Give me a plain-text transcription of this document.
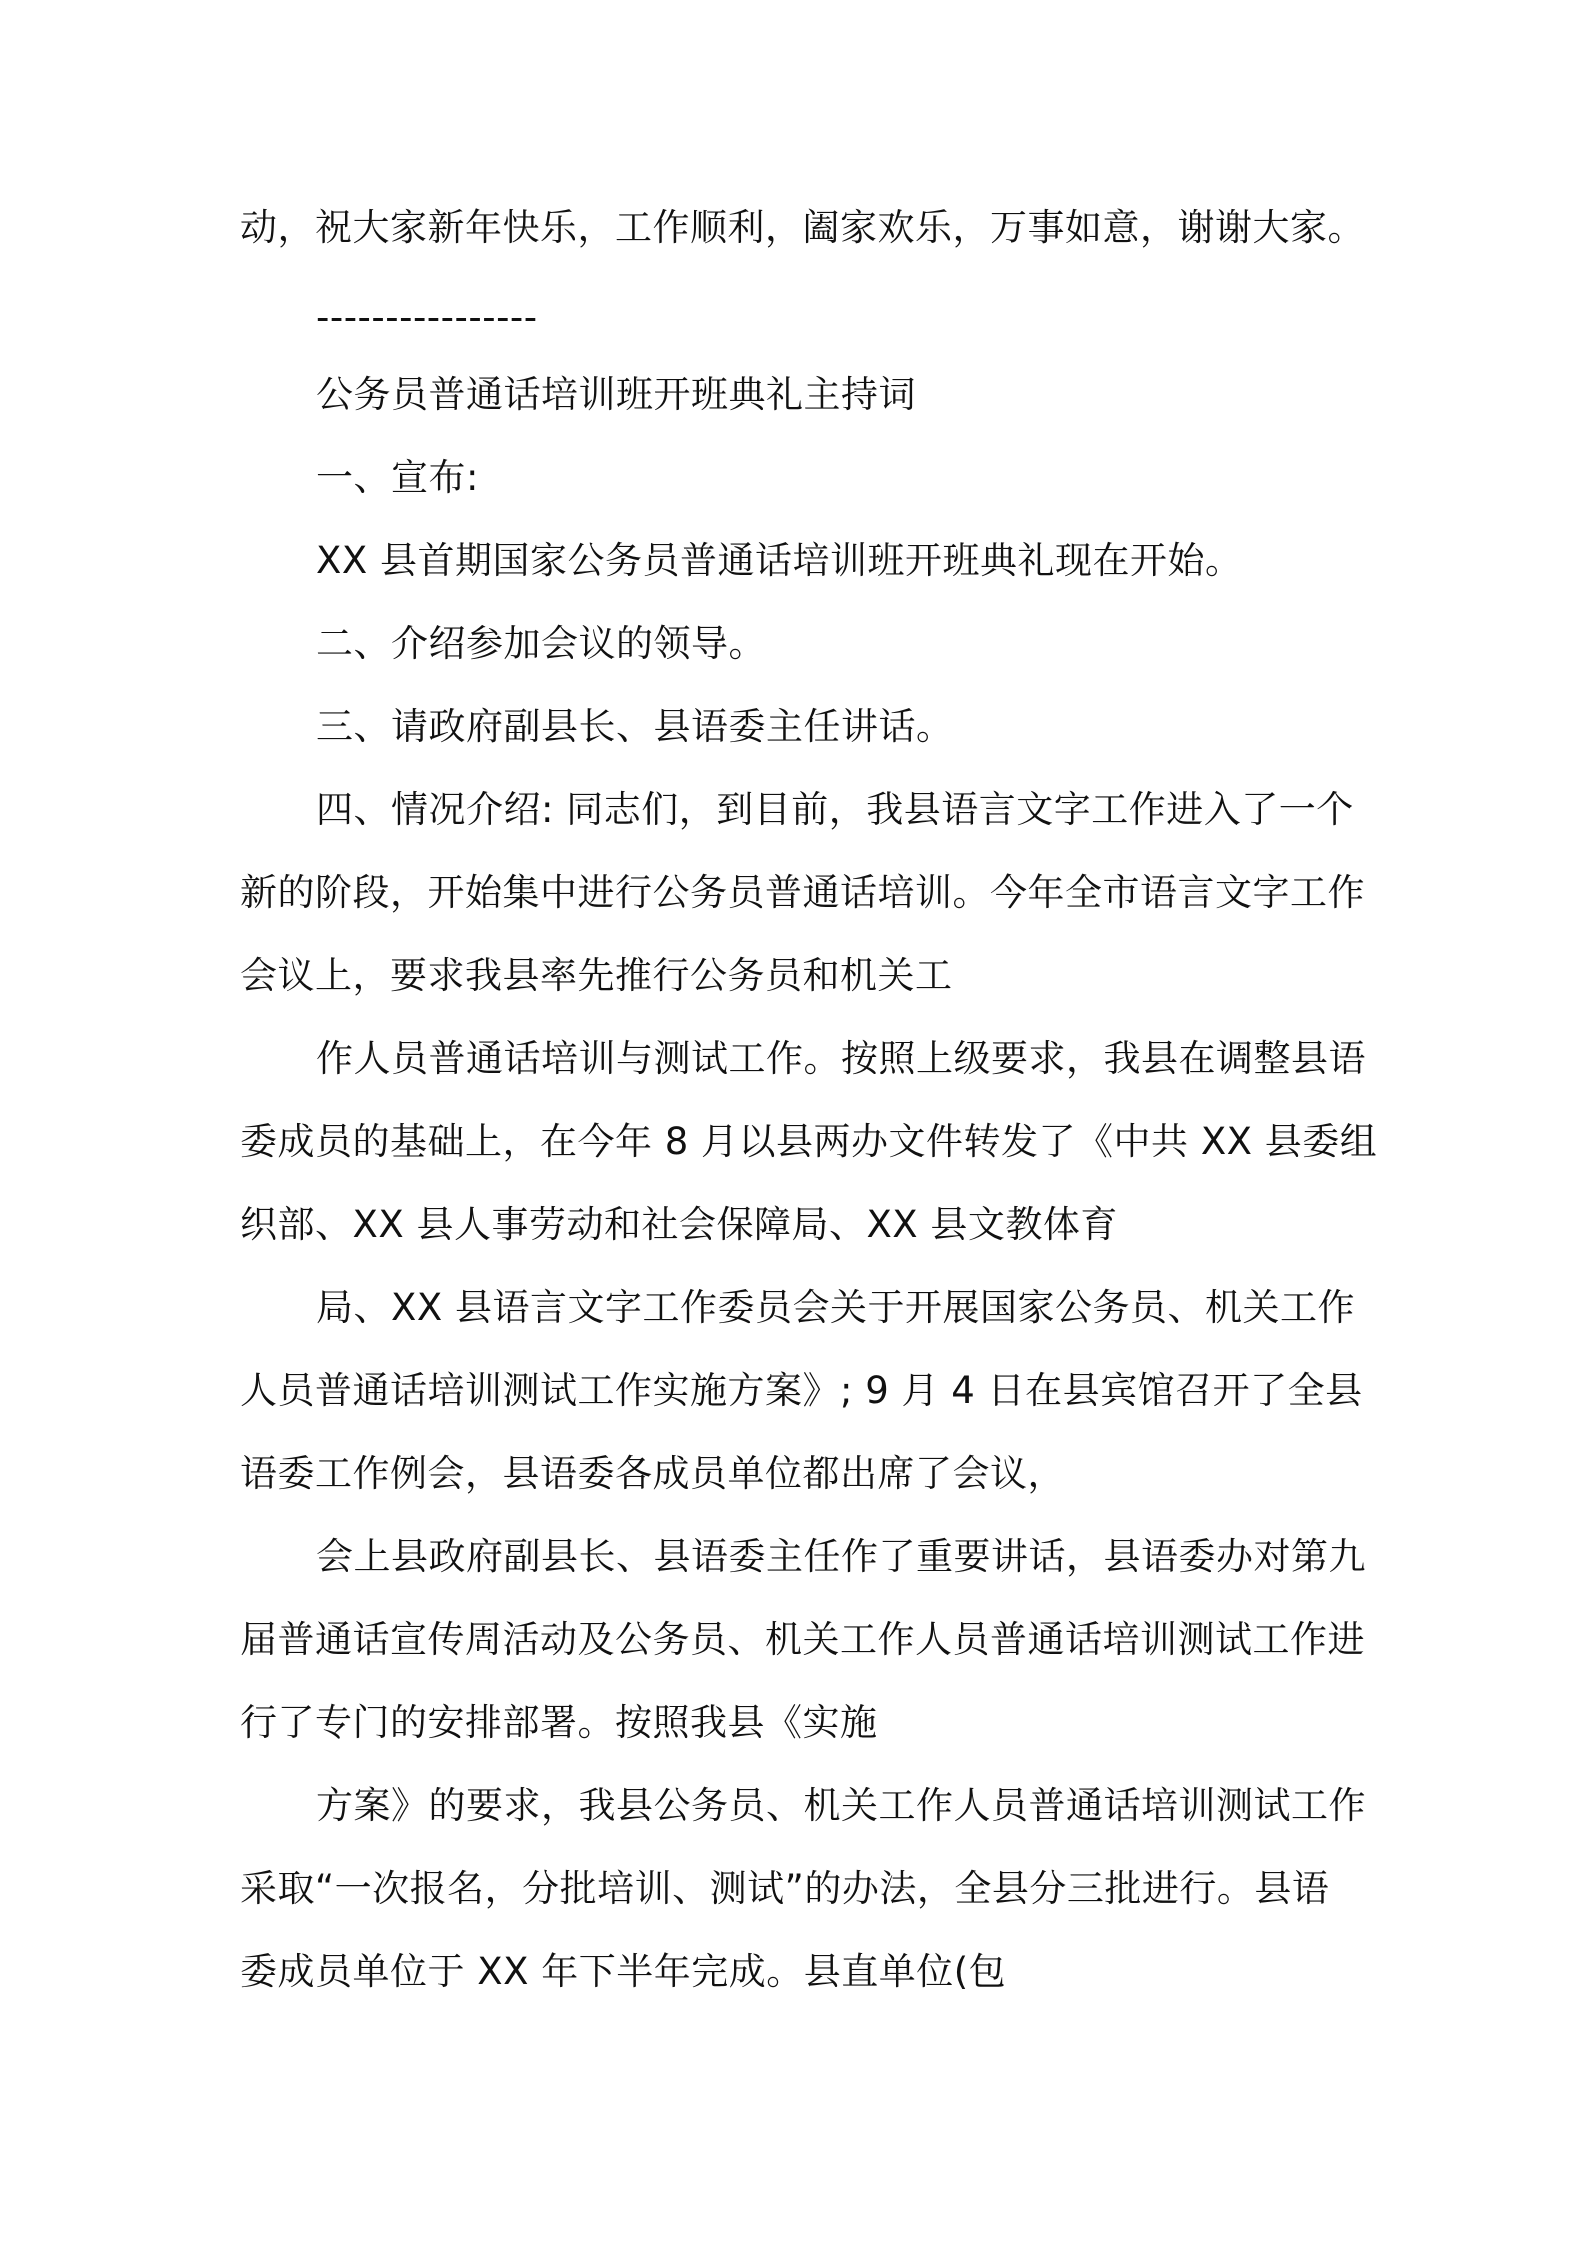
动，祝大家新年快乐，工作顺利，阖家欢乐，万事如意，谢谢大家。
----------------
公务员普通话培训班开班典礼主持词
一、宣布:
XX 县首期国家公务员普通话培训班开班典礼现在开始。
二、介绍参加会议的领导。
三、请政府副县长、县语委主任讲话。
四、情况介绍: 同志们，到目前，我县语言文字工作进入了一个
新的阶段，开始集中进行公务员普通话培训。今年全市语言文字工作
会议上，要求我县率先推行公务员和机关工
作人员普通话培训与测试工作。按照上级要求，我县在调整县语
委成员的基础上，在今年 8 月以县两办文件转发了《中共 XX 县委组
织部、XX 县人事劳动和社会保障局、XX 县文教体育
局、XX 县语言文字工作委员会关于开展国家公务员、机关工作
人员普通话培训测试工作实施方案》; 9 月 4 日在县宾馆召开了全县
语委工作例会，县语委各成员单位都出席了会议，
会上县政府副县长、县语委主任作了重要讲话，县语委办对第九
届普通话宣传周活动及公务员、机关工作人员普通话培训测试工作进
行了专门的安排部署。按照我县《实施
方案》的要求，我县公务员、机关工作人员普通话培训测试工作
采取“一次报名，分批培训、测试”的办法，全县分三批进行。县语
委成员单位于 XX 年下半年完成。县直单位(包
